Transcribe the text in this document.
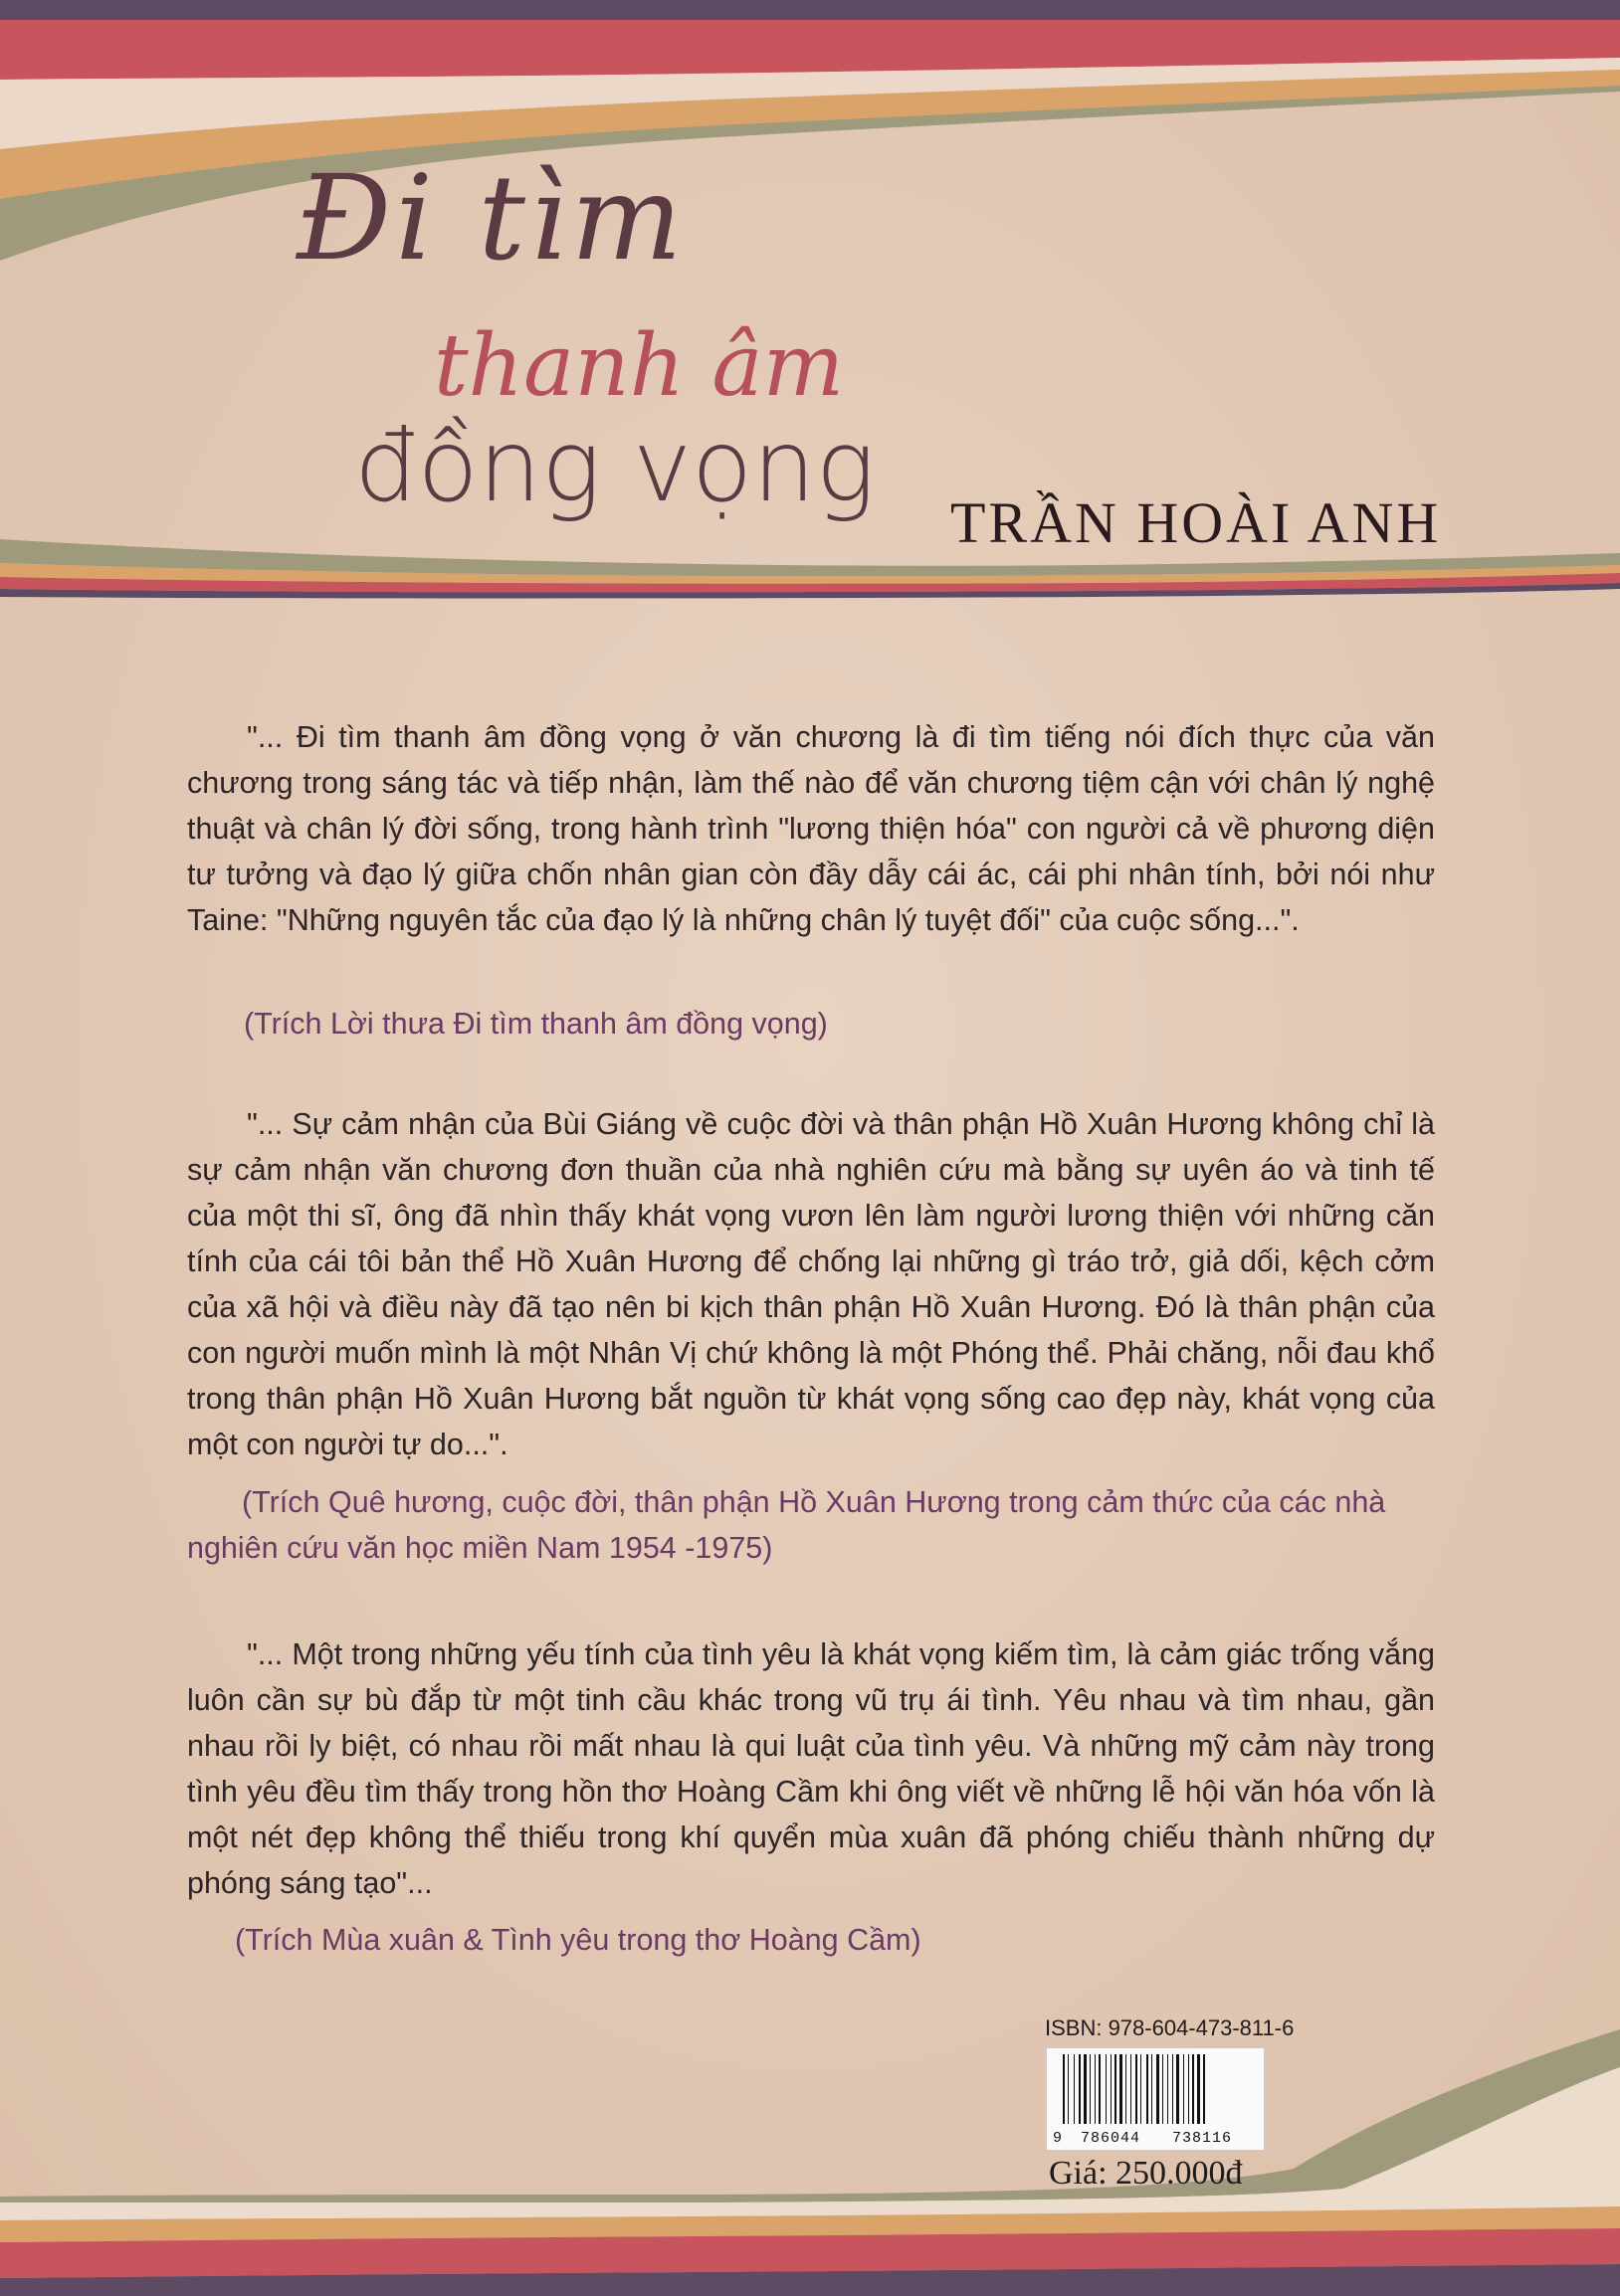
Đi tìm
thanh âm
đồng vọng TRẦN HOÀI ANH

"... Đi tìm thanh âm đồng vọng ở văn chương là đi tìm tiếng nói đích thực của văn chương trong sáng tác và tiếp nhận, làm thế nào để văn chương tiệm cận với chân lý nghệ thuật và chân lý đời sống, trong hành trình "lương thiện hóa" con người cả về phương diện tư tưởng và đạo lý giữa chốn nhân gian còn đầy dẫy cái ác, cái phi nhân tính, bởi nói như Taine: "Những nguyên tắc của đạo lý là những chân lý tuyệt đối" của cuộc sống...".

(Trích Lời thưa Đi tìm thanh âm đồng vọng)

"... Sự cảm nhận của Bùi Giáng về cuộc đời và thân phận Hồ Xuân Hương không chỉ là sự cảm nhận văn chương đơn thuần của nhà nghiên cứu mà bằng sự uyên áo và tinh tế của một thi sĩ, ông đã nhìn thấy khát vọng vươn lên làm người lương thiện với những căn tính của cái tôi bản thể Hồ Xuân Hương để chống lại những gì tráo trở, giả dối, kệch cởm của xã hội và điều này đã tạo nên bi kịch thân phận Hồ Xuân Hương. Đó là thân phận của con người muốn mình là một Nhân Vị chứ không là một Phóng thể. Phải chăng, nỗi đau khổ trong thân phận Hồ Xuân Hương bắt nguồn từ khát vọng sống cao đẹp này, khát vọng của một con người tự do...".

(Trích Quê hương, cuộc đời, thân phận Hồ Xuân Hương trong cảm thức của các nhà nghiên cứu văn học miền Nam 1954 -1975)

"... Một trong những yếu tính của tình yêu là khát vọng kiếm tìm, là cảm giác trống vắng luôn cần sự bù đắp từ một tinh cầu khác trong vũ trụ ái tình. Yêu nhau và tìm nhau, gần nhau rồi ly biệt, có nhau rồi mất nhau là qui luật của tình yêu. Và những mỹ cảm này trong tình yêu đều tìm thấy trong hồn thơ Hoàng Cầm khi ông viết về những lễ hội văn hóa vốn là một nét đẹp không thể thiếu trong khí quyển mùa xuân đã phóng chiếu thành những dự phóng sáng tạo"...

(Trích Mùa xuân & Tình yêu trong thơ Hoàng Cầm)

ISBN: 978-604-473-811-6
9 786044 738116
Giá: 250.000đ
